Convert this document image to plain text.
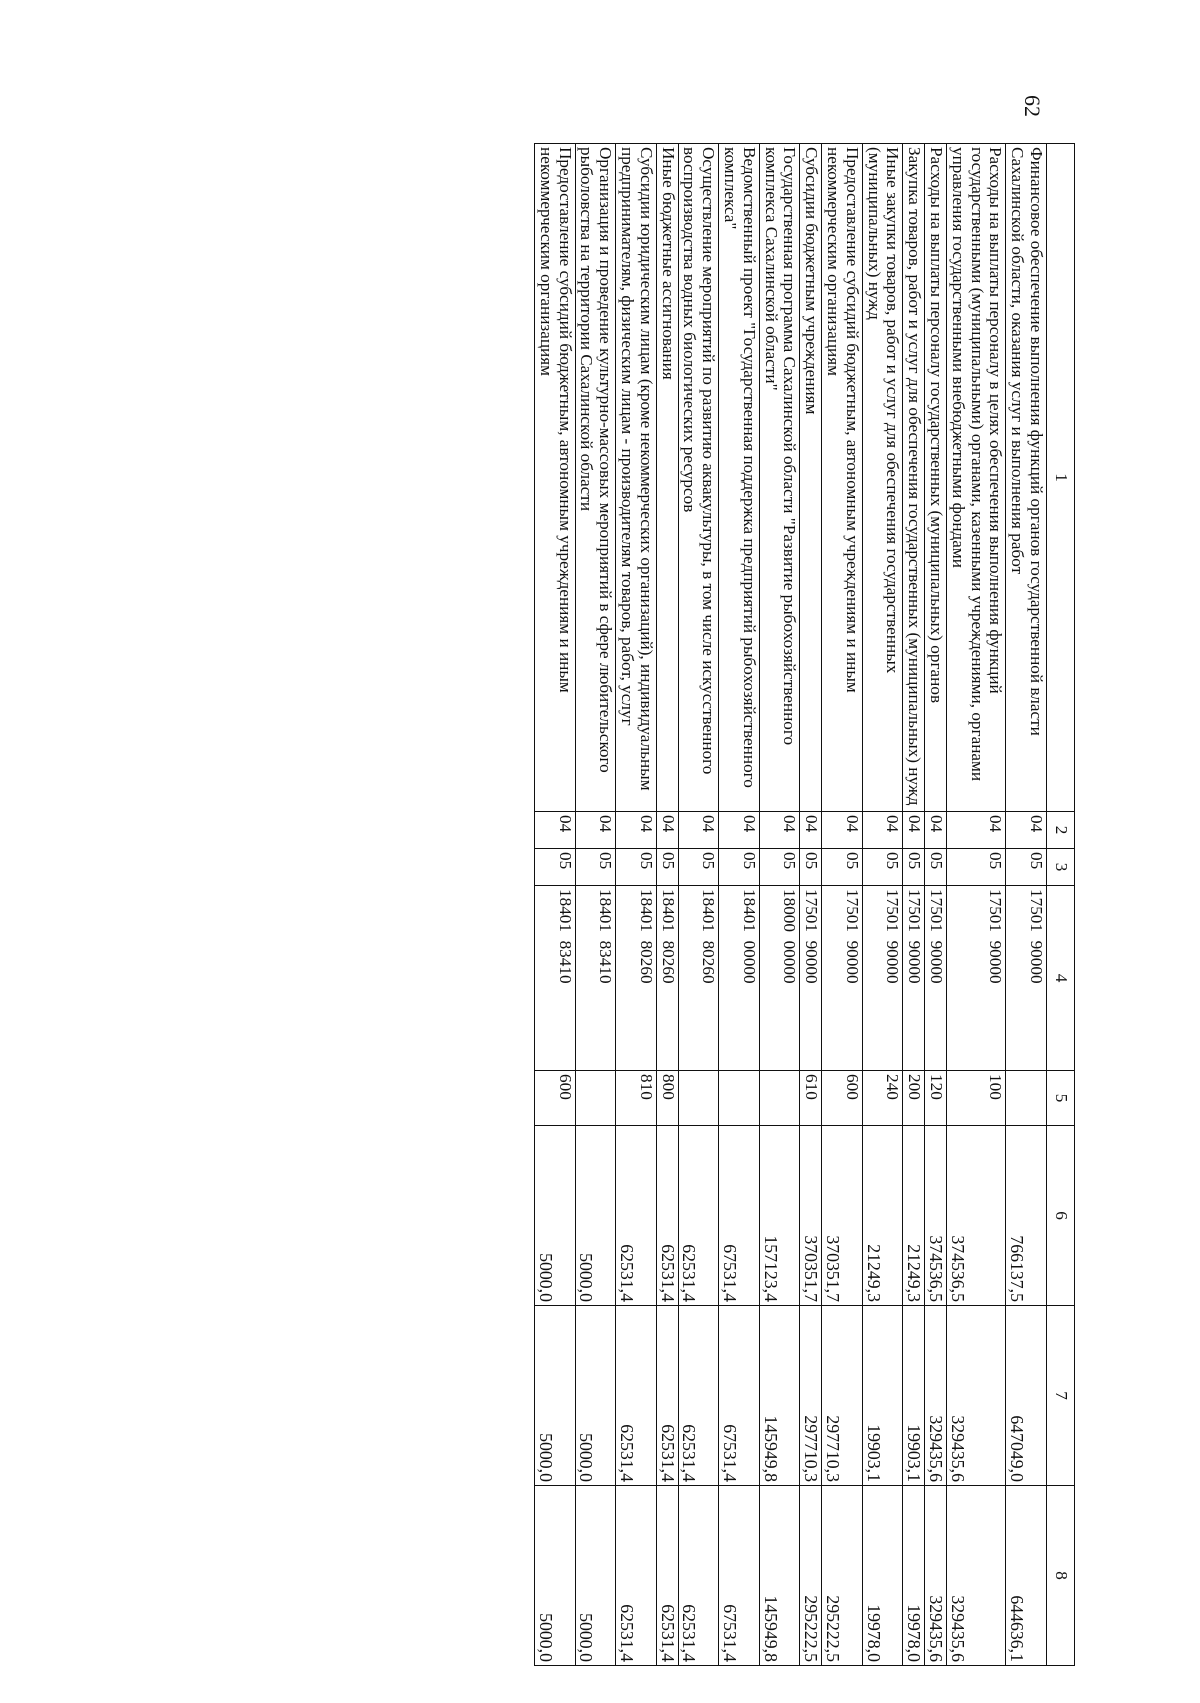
62
1	2	3	4	5	6	7	8
Финансовое обеспечение выполнения функций органов государственной власти Сахалинской области, оказания услуг и выполнения работ	04	05	17501  90000		766137,5	647049,0	644636,1
Расходы на выплаты персоналу в целях обеспечения выполнения функций государственными (муниципальными) органами, казенными учреждениями, органами управления государственными внебюджетными фондами	04	05	17501  90000	100	374536,5	329435,6	329435,6
Расходы на выплаты персоналу государственных (муниципальных) органов	04	05	17501  90000	120	374536,5	329435,6	329435,6
Закупка товаров, работ и услуг для обеспечения государственных (муниципальных) нужд	04	05	17501  90000	200	21249,3	19903,1	19978,0
Иные закупки товаров, работ и услуг для обеспечения государственных (муниципальных) нужд	04	05	17501  90000	240	21249,3	19903,1	19978,0
Предоставление субсидий бюджетным, автономным учреждениям и иным некоммерческим организациям	04	05	17501  90000	600	370351,7	297710,3	295222,5
Субсидии бюджетным учреждениям	04	05	17501  90000	610	370351,7	297710,3	295222,5
Государственная программа Сахалинской области "Развитие рыбохозяйственного комплекса Сахалинской области"	04	05	18000  00000		157123,4	145949,8	145949,8
Ведомственный проект "Государственная поддержка предприятий рыбохозяйственного комплекса"	04	05	18401  00000		67531,4	67531,4	67531,4
Осуществление мероприятий по развитию аквакультуры, в том числе искусственного воспроизводства водных биологических ресурсов	04	05	18401  80260		62531,4	62531,4	62531,4
Иные бюджетные ассигнования	04	05	18401  80260	800	62531,4	62531,4	62531,4
Субсидии юридическим лицам (кроме некоммерческих организаций), индивидуальным предпринимателям, физическим лицам - производителям товаров, работ, услуг	04	05	18401  80260	810	62531,4	62531,4	62531,4
Организация и проведение культурно-массовых мероприятий в сфере любительского рыболовства на территории Сахалинской области	04	05	18401  83410		5000,0	5000,0	5000,0
Предоставление субсидий бюджетным, автономным учреждениям и иным некоммерческим организациям	04	05	18401  83410	600	5000,0	5000,0	5000,0
